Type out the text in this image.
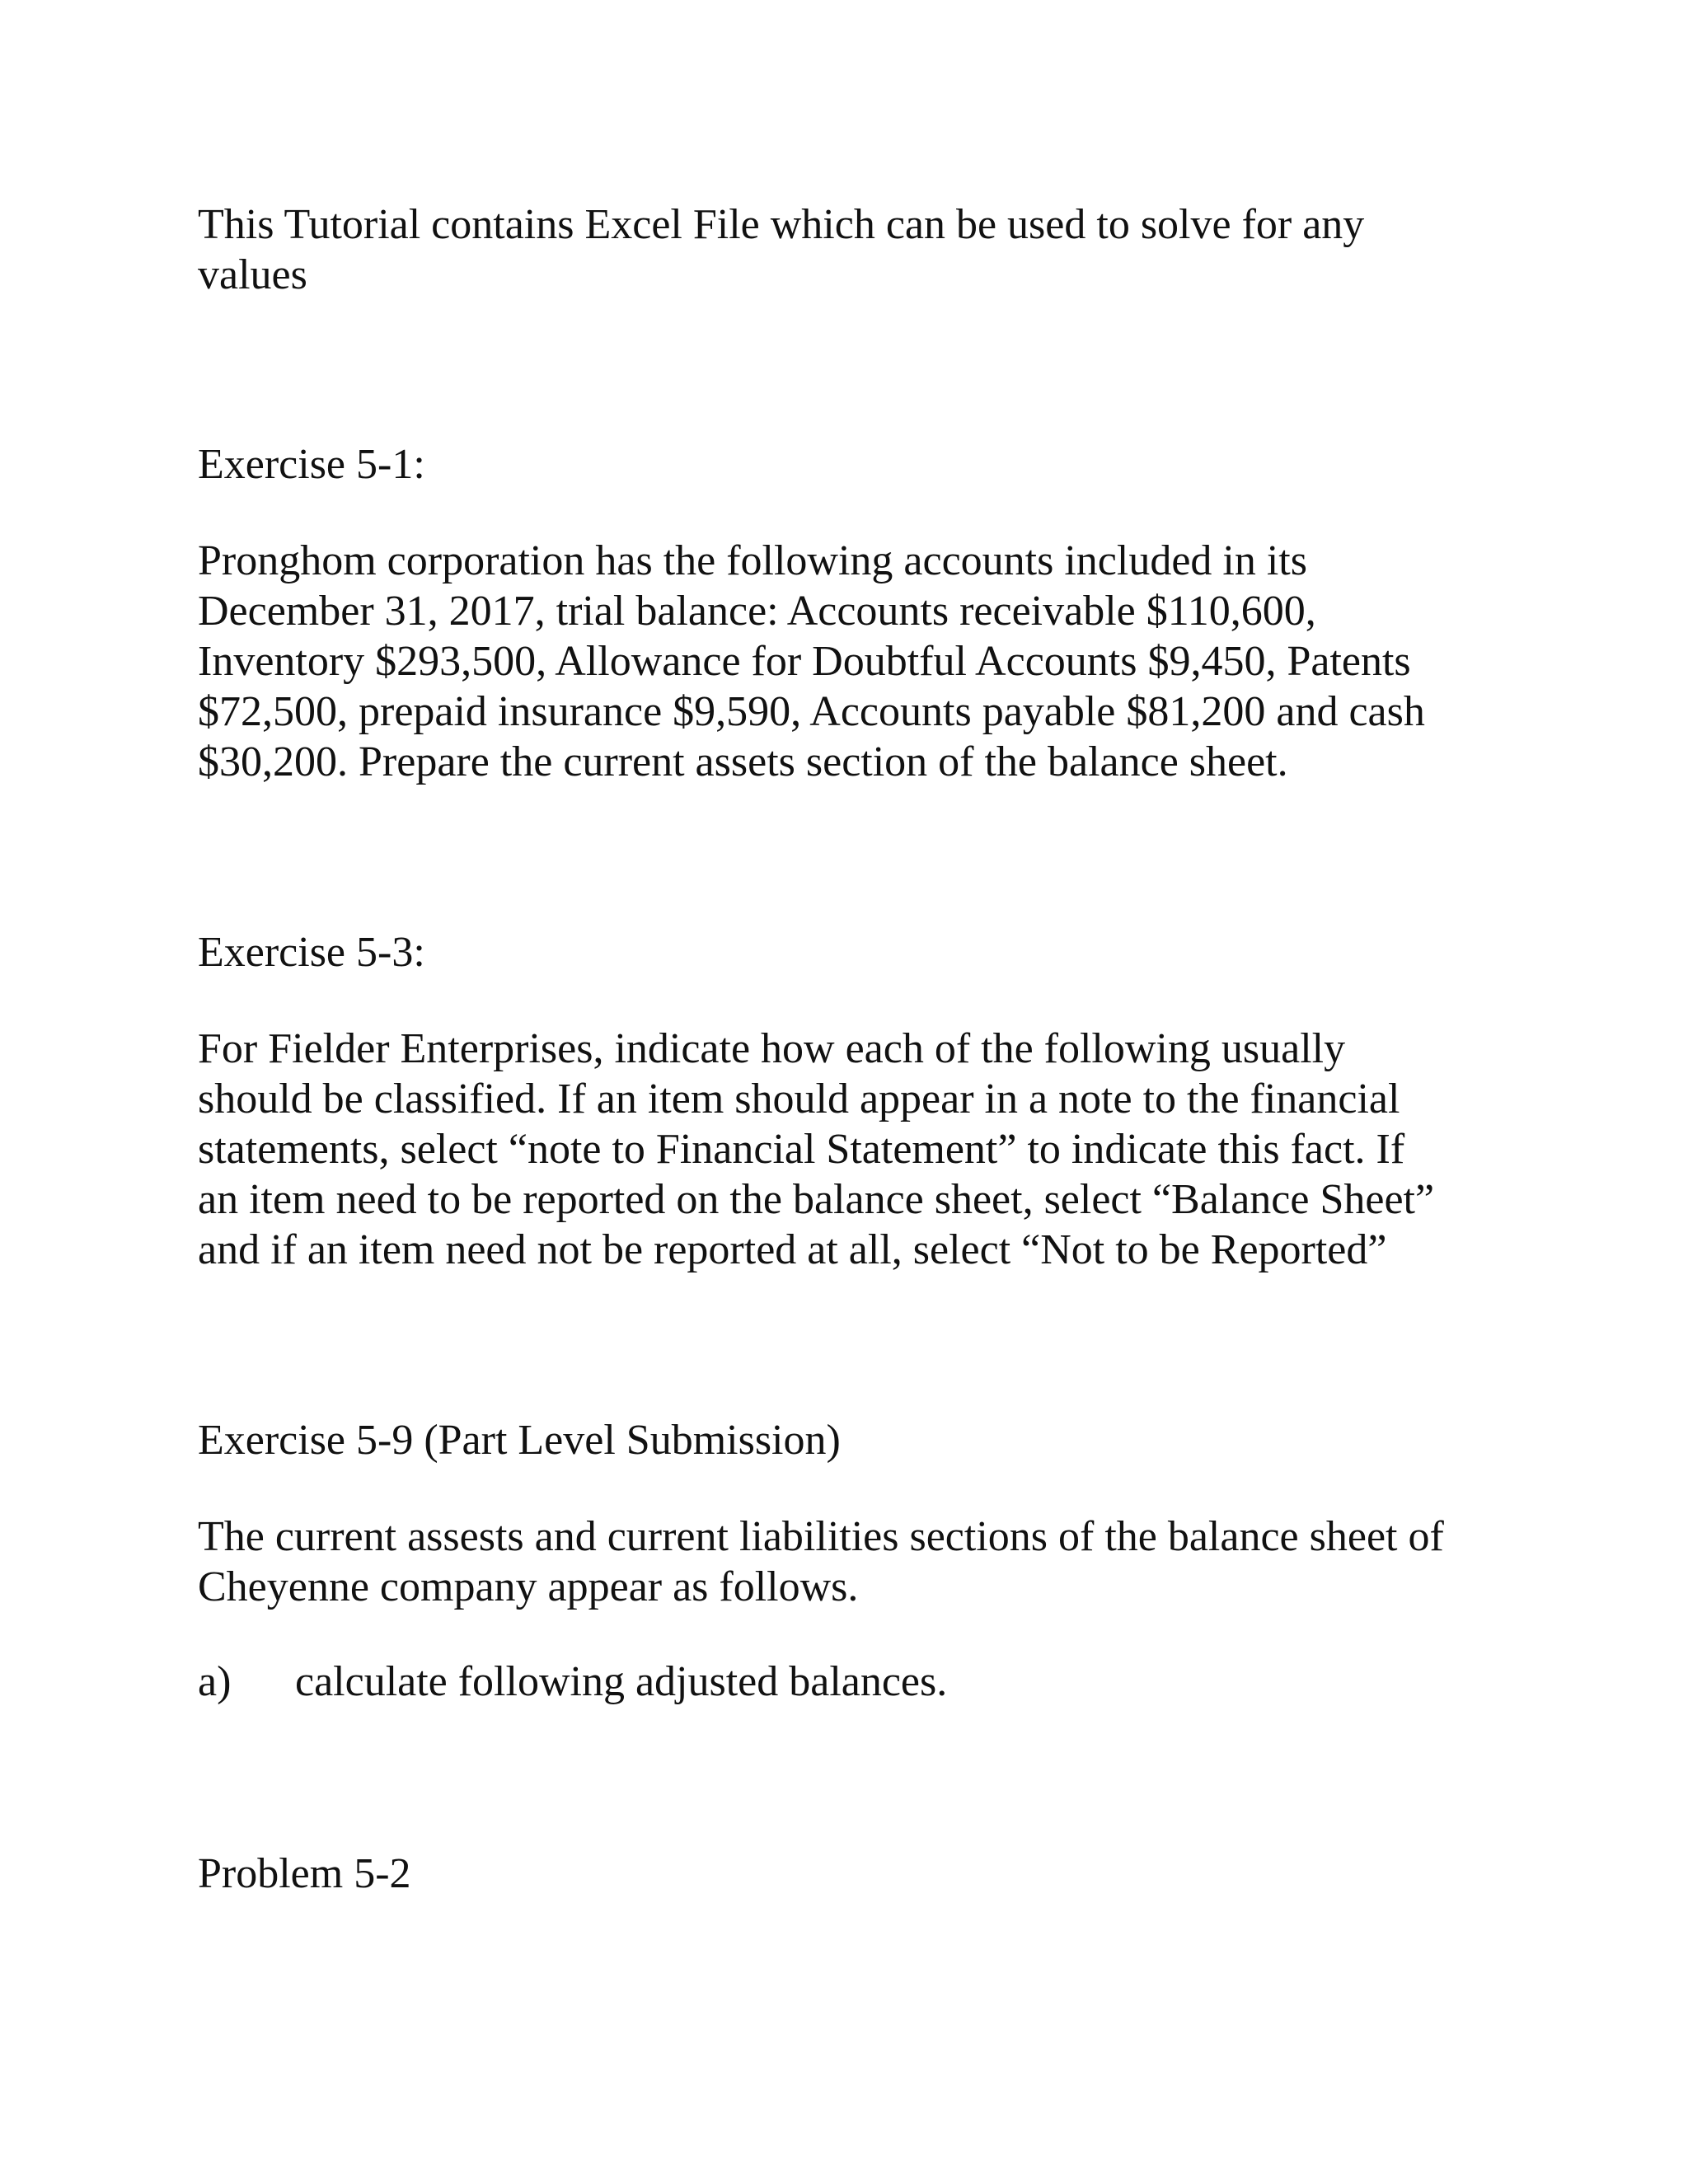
This Tutorial contains Excel File which can be used to solve for any
values

Exercise 5-1:

Pronghom corporation has the following accounts included in its
December 31, 2017, trial balance: Accounts receivable $110,600,
Inventory $293,500, Allowance for Doubtful Accounts $9,450, Patents
$72,500, prepaid insurance $9,590, Accounts payable $81,200 and cash
$30,200. Prepare the current assets section of the balance sheet.

Exercise 5-3:

For Fielder Enterprises, indicate how each of the following usually
should be classified. If an item should appear in a note to the financial
statements, select “note to Financial Statement” to indicate this fact. If
an item need to be reported on the balance sheet, select “Balance Sheet”
and if an item need not be reported at all, select “Not to be Reported”

Exercise 5-9 (Part Level Submission)

The current assests and current liabilities sections of the balance sheet of
Cheyenne company appear as follows.

a) calculate following adjusted balances.

Problem 5-2
